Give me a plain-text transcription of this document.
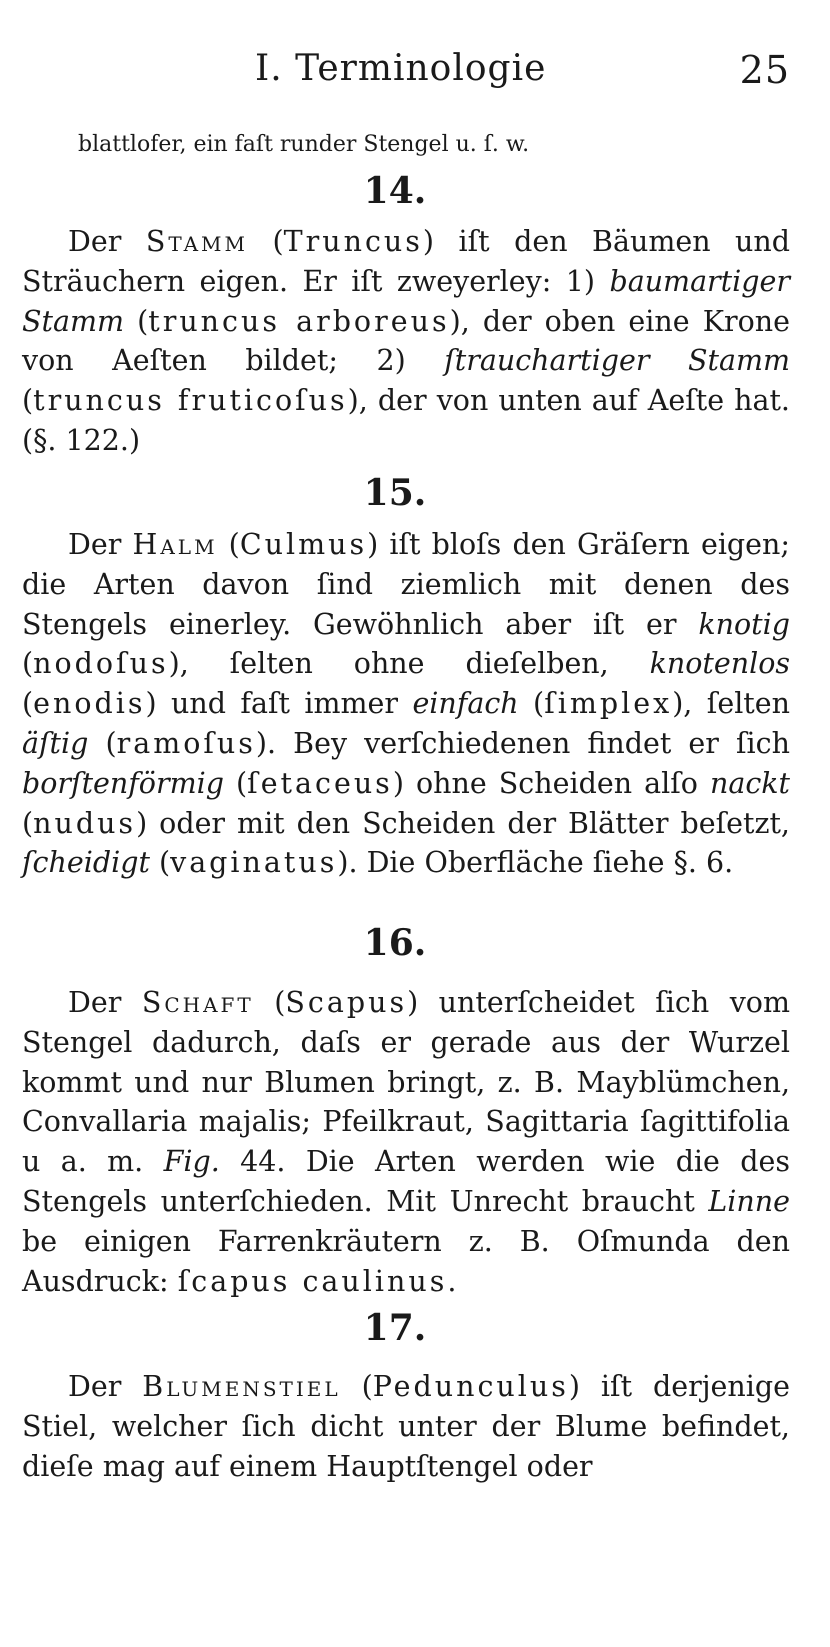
I. Terminologie	25
blattlofer, ein faſt runder Stengel u. ſ. w.
14.
Der Stamm (Truncus) iſt den Bäumen und Sträuchern eigen. Er iſt zweyerley: 1) baumartiger Stamm (truncus arboreus), der oben eine Krone von Aeſten bildet; 2) ſtrauchartiger Stamm (truncus fruticoſus), der von unten auf Aeſte hat. (§. 122.)
15.
Der Halm (Culmus) iſt bloſs den Gräſern eigen; die Arten davon ſind ziemlich mit denen des Stengels einerley. Gewöhnlich aber iſt er knotig (nodoſus), ſelten ohne dieſelben, knotenlos (enodis) und faſt immer einfach (ſimplex), ſelten äſtig (ramoſus). Bey verſchiedenen findet er ſich borſtenförmig (ſetaceus) ohne Scheiden alſo nackt (nudus) oder mit den Scheiden der Blätter beſetzt, ſcheidigt (vaginatus). Die Oberfläche ſiehe §. 6.
16.
Der Schaft (Scapus) unterſcheidet ſich vom Stengel dadurch, daſs er gerade aus der Wurzel kommt und nur Blumen bringt, z. B. Mayblümchen, Convallaria majalis; Pfeilkraut, Sagittaria ſagittifolia u a. m. Fig. 44. Die Arten werden wie die des Stengels unterſchieden. Mit Unrecht braucht Linne be einigen Farrenkräutern z. B. Oſmunda den Ausdruck: ſcapus caulinus.
17.
Der Blumenstiel (Pedunculus) iſt derjenige Stiel, welcher ſich dicht unter der Blume befindet, dieſe mag auf einem Hauptſtengel oder
